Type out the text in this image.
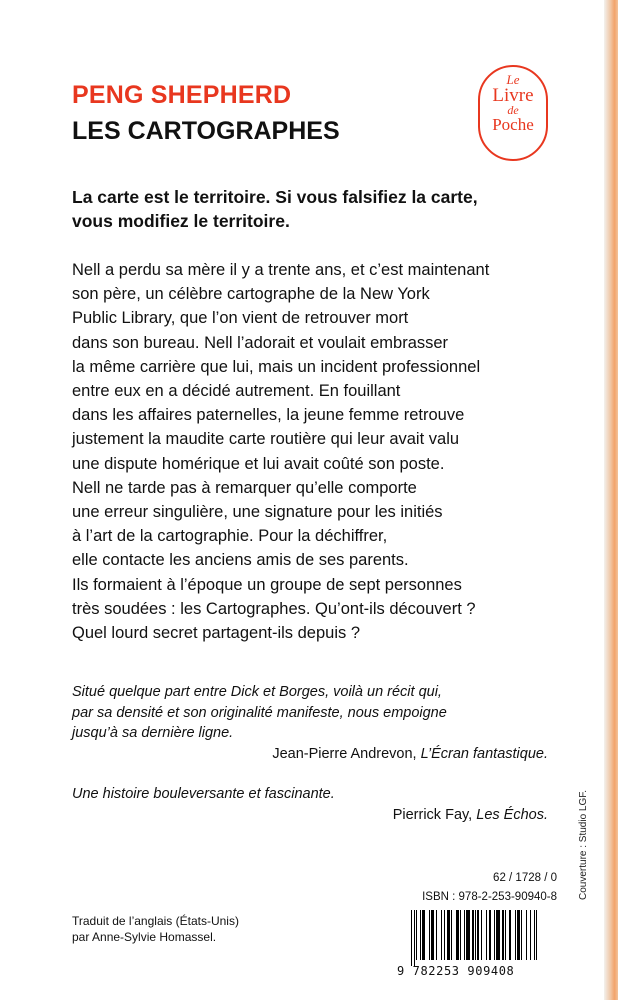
PENG SHEPHERD
LES CARTOGRAPHES
Le
Livre
de
Poche
La carte est le territoire. Si vous falsifiez la carte,
vous modifiez le territoire.
Nell a perdu sa mère il y a trente ans, et c’est maintenant
son père, un célèbre cartographe de la New York
Public Library, que l’on vient de retrouver mort
dans son bureau. Nell l’adorait et voulait embrasser
la même carrière que lui, mais un incident professionnel
entre eux en a décidé autrement. En fouillant
dans les affaires paternelles, la jeune femme retrouve
justement la maudite carte routière qui leur avait valu
une dispute homérique et lui avait coûté son poste.
Nell ne tarde pas à remarquer qu’elle comporte
une erreur singulière, une signature pour les initiés
à l’art de la cartographie. Pour la déchiffrer,
elle contacte les anciens amis de ses parents.
Ils formaient à l’époque un groupe de sept personnes
très soudées : les Cartographes. Qu’ont-ils découvert ?
Quel lourd secret partagent-ils depuis ?
Situé quelque part entre Dick et Borges, voilà un récit qui,
par sa densité et son originalité manifeste, nous empoigne
jusqu’à sa dernière ligne.
Jean-Pierre Andrevon, L’Écran fantastique.
Une histoire bouleversante et fascinante.
Pierrick Fay, Les Échos.	Couverture : Studio LGF.
62 / 1728 / 0
ISBN : 978-2-253-90940-8
Traduit de l’anglais (États-Unis)
par Anne-Sylvie Homassel.
9 782253 909408
